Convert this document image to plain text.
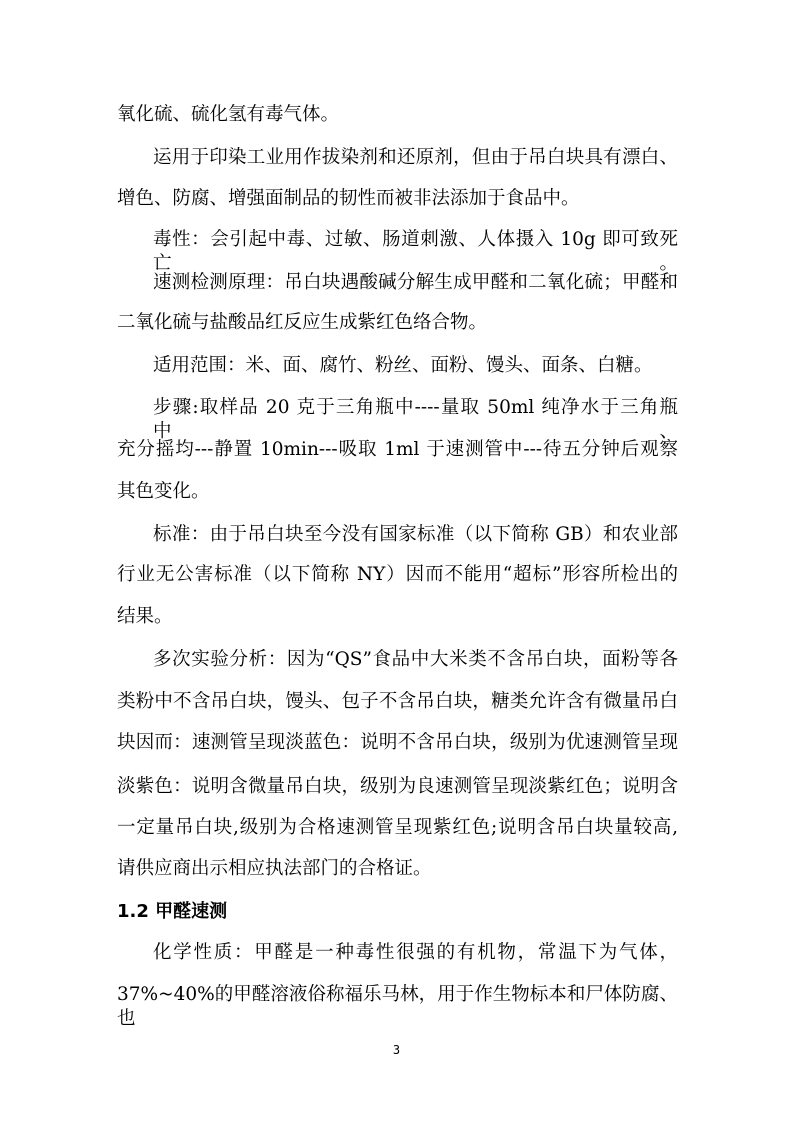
氧化硫、硫化氢有毒气体。
运用于印染工业用作拔染剂和还原剂，但由于吊白块具有漂白、
增色、防腐、增强面制品的韧性而被非法添加于食品中。
毒性：会引起中毒、过敏、肠道刺激、人体摄入 10g 即可致死亡。
速测检测原理：吊白块遇酸碱分解生成甲醛和二氧化硫；甲醛和
二氧化硫与盐酸品红反应生成紫红色络合物。
适用范围：米、面、腐竹、粉丝、面粉、馒头、面条、白糖。
步骤:取样品 20 克于三角瓶中----量取 50ml 纯净水于三角瓶中、
充分摇均---静置 10min---吸取 1ml 于速测管中---待五分钟后观察
其色变化。
标准：由于吊白块至今没有国家标准（以下简称 GB）和农业部
行业无公害标准（以下简称 NY）因而不能用“超标”形容所检出的
结果。
多次实验分析：因为“QS”食品中大米类不含吊白块，面粉等各
类粉中不含吊白块，馒头、包子不含吊白块，糖类允许含有微量吊白
块因而：速测管呈现淡蓝色：说明不含吊白块，级别为优速测管呈现
淡紫色：说明含微量吊白块，级别为良速测管呈现淡紫红色；说明含
一定量吊白块,级别为合格速测管呈现紫红色;说明含吊白块量较高,
请供应商出示相应执法部门的合格证。
1.2 甲醛速测
化学性质：甲醛是一种毒性很强的有机物，常温下为气体，
37%~40%的甲醛溶液俗称福乐马林，用于作生物标本和尸体防腐、也
3
